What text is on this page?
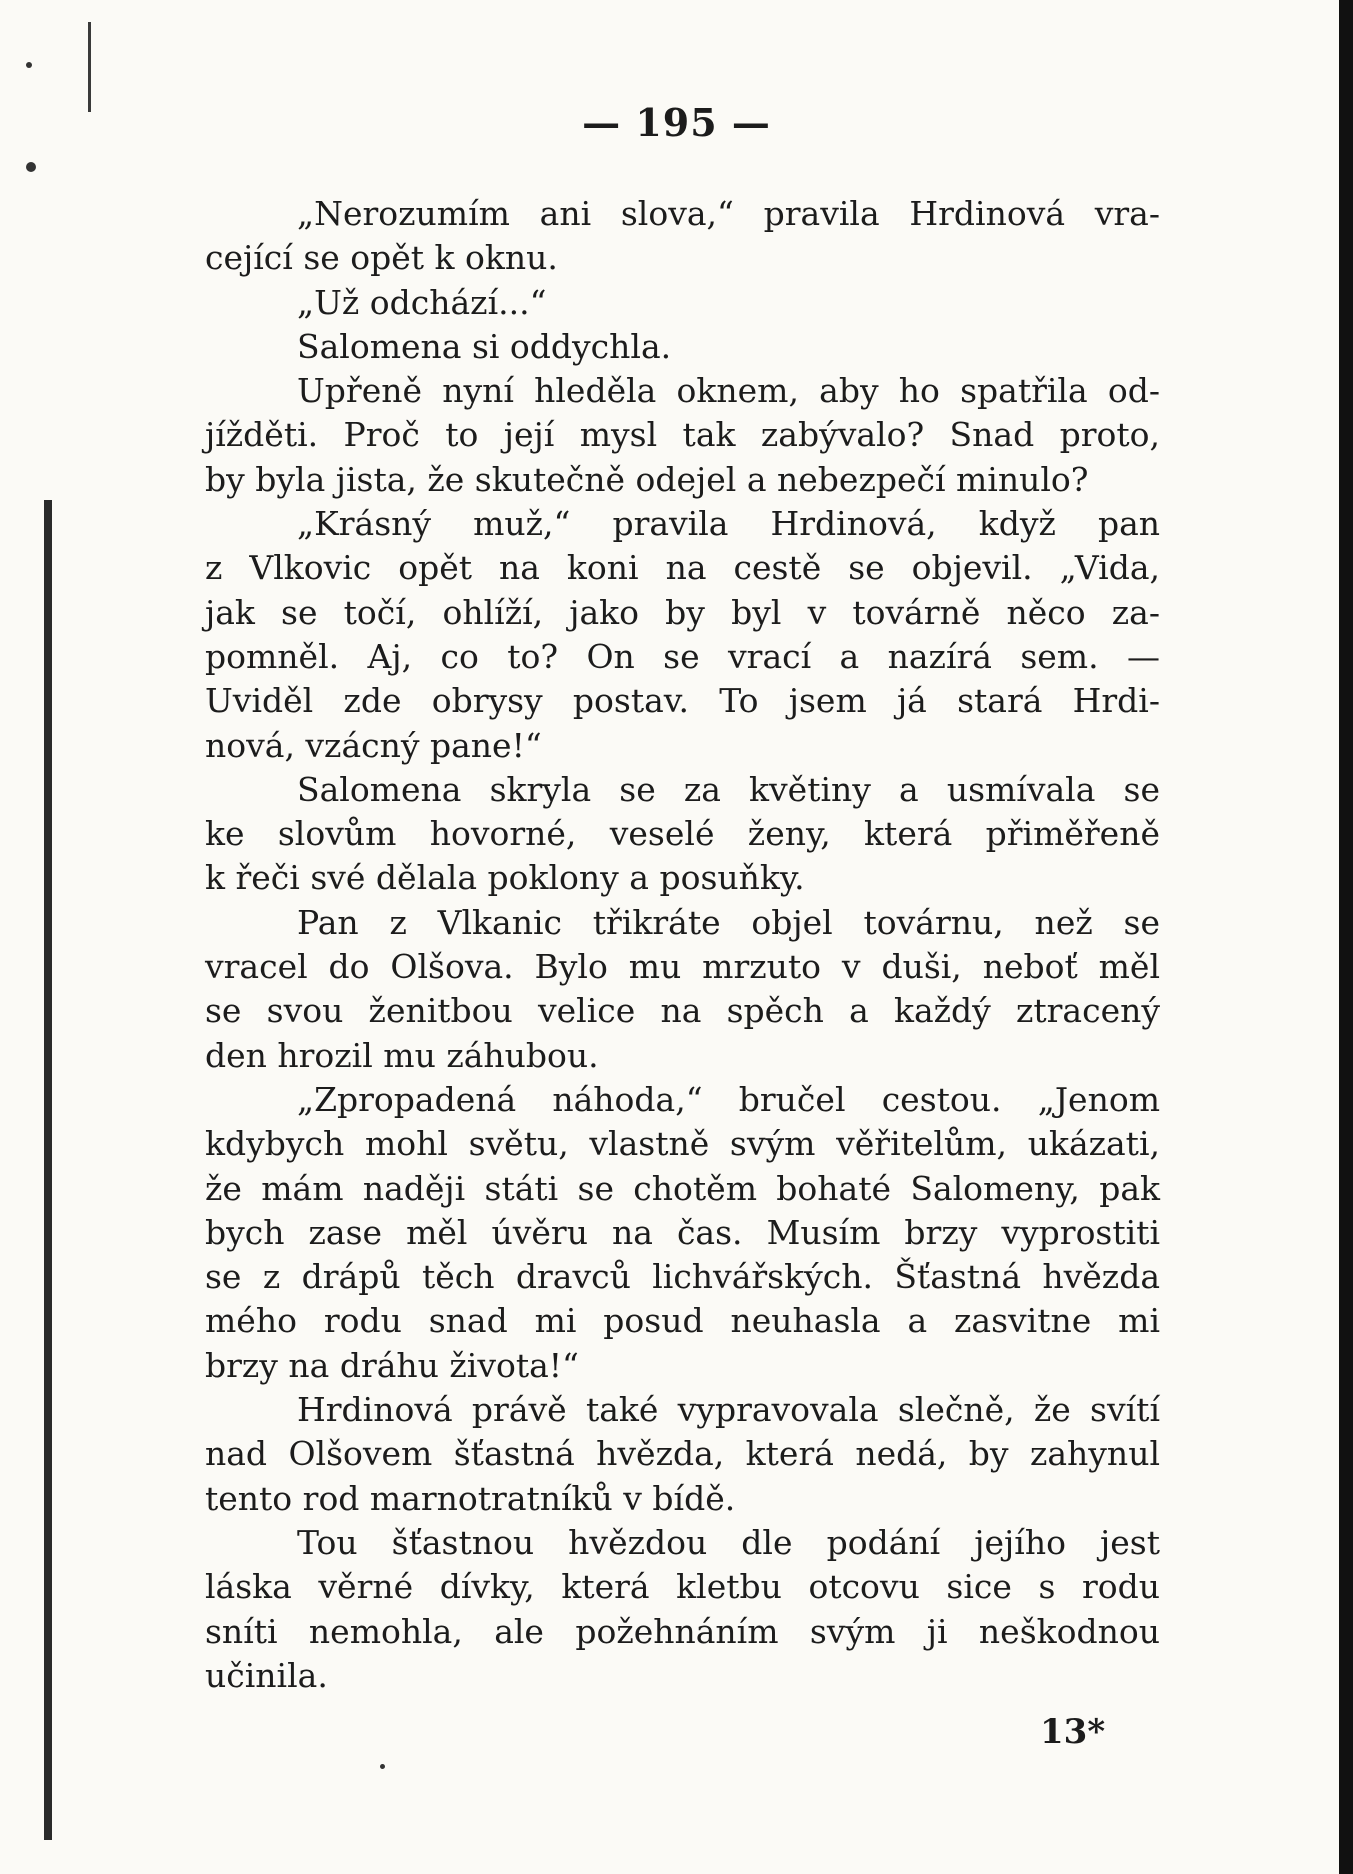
— 195 —
„Nerozumím ani slova,“ pravila Hrdinová vra-
cející se opět k oknu.
„Už odchází...“
Salomena si oddychla.
Upřeně nyní hleděla oknem, aby ho spatřila od-
jížděti. Proč to její mysl tak zabývalo? Snad proto,
by byla jista, že skutečně odejel a nebezpečí minulo?
„Krásný muž,“ pravila Hrdinová, když pan
z Vlkovic opět na koni na cestě se objevil. „Vida,
jak se točí, ohlíží, jako by byl v továrně něco za-
pomněl. Aj, co to? On se vrací a nazírá sem. —
Uviděl zde obrysy postav. To jsem já stará Hrdi-
nová, vzácný pane!“
Salomena skryla se za květiny a usmívala se
ke slovům hovorné, veselé ženy, která přiměřeně
k řeči své dělala poklony a posuňky.
Pan z Vlkanic třikráte objel továrnu, než se
vracel do Olšova. Bylo mu mrzuto v duši, neboť měl
se svou ženitbou velice na spěch a každý ztracený
den hrozil mu záhubou.
„Zpropadená náhoda,“ bručel cestou. „Jenom
kdybych mohl světu, vlastně svým věřitelům, ukázati,
že mám naději státi se chotěm bohaté Salomeny, pak
bych zase měl úvěru na čas. Musím brzy vyprostiti
se z drápů těch dravců lichvářských. Šťastná hvězda
mého rodu snad mi posud neuhasla a zasvitne mi
brzy na dráhu života!“
Hrdinová právě také vypravovala slečně, že svítí
nad Olšovem šťastná hvězda, která nedá, by zahynul
tento rod marnotratníků v bídě.
Tou šťastnou hvězdou dle podání jejího jest
láska věrné dívky, která kletbu otcovu sice s rodu
sníti nemohla, ale požehnáním svým ji neškodnou
učinila.
13*
